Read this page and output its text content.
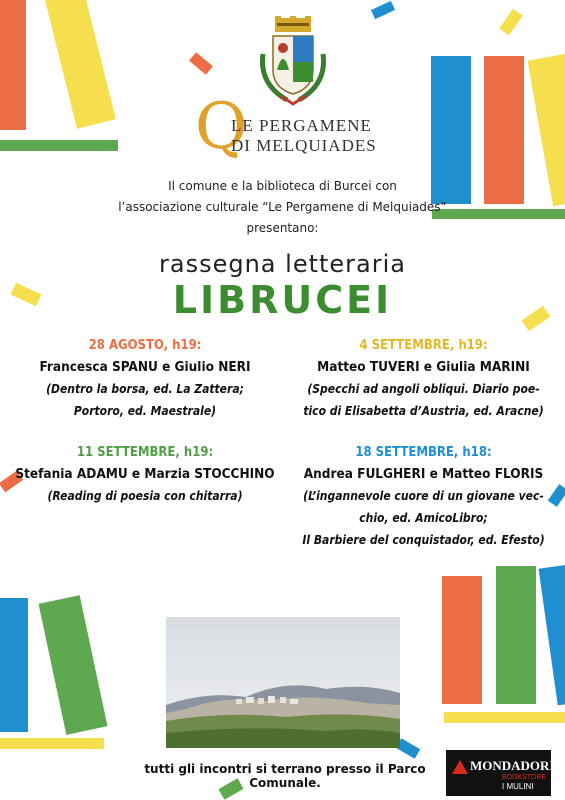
Q
LE PERGAMENE
DI MELQUIADES
Il comune e la biblioteca di Burcei con
l’associazione culturale “Le Pergamene di Melquiades”
presentano:
rassegna letteraria
LIBRUCEI
28 AGOSTO, h19:
Francesca SPANU e Giulio NERI
(Dentro la borsa, ed. La Zattera;
Portoro, ed. Maestrale)
4 SETTEMBRE, h19:
Matteo TUVERI e Giulia MARINI
(Specchi ad angoli obliqui. Diario poe-
tico di Elisabetta d’Austria, ed. Aracne)
11 SETTEMBRE, h19:
Stefania ADAMU e Marzia STOCCHINO
(Reading di poesia con chitarra)
18 SETTEMBRE, h18:
Andrea FULGHERI e Matteo FLORIS
(L’ingannevole cuore di un giovane vec-
chio, ed. AmicoLibro;
Il Barbiere del conquistador, ed. Efesto)
tutti gli incontri si terrano presso il Parco Comunale.
MONDADORI
BOOKSTORE
I MULINI
